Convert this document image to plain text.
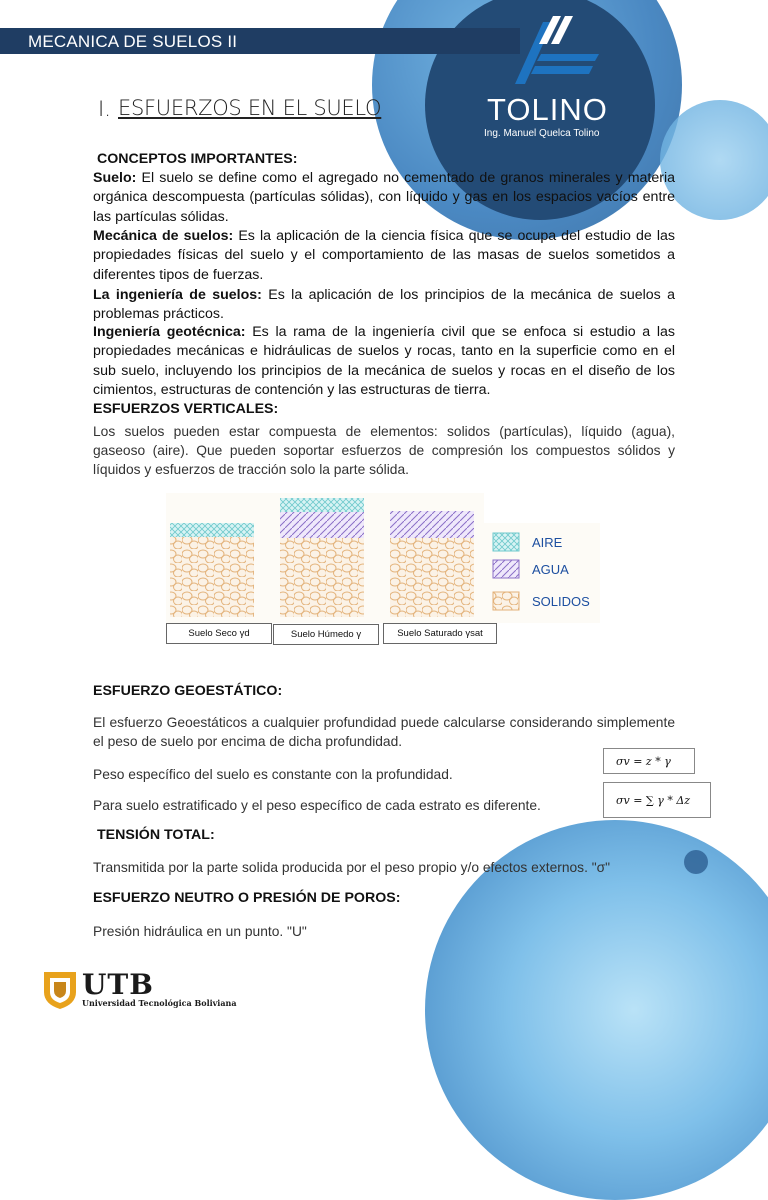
MECANICA DE SUELOS II
TOLINO
Ing. Manuel Quelca Tolino
I. ESFUERZOS EN EL SUELO
CONCEPTOS IMPORTANTES:
Suelo: El suelo se define como el agregado no cementado de granos minerales y materia orgánica descompuesta (partículas sólidas), con líquido y gas en los espacios vacíos entre las partículas sólidas.
Mecánica de suelos: Es la aplicación de la ciencia física que se ocupa del estudio de las propiedades físicas del suelo y el comportamiento de las masas de suelos sometidos a diferentes tipos de fuerzas.
La ingeniería de suelos: Es la aplicación de los principios de la mecánica de suelos a problemas prácticos.
Ingeniería geotécnica: Es la rama de la ingeniería civil que se enfoca si estudio a las propiedades mecánicas e hidráulicas de suelos y rocas, tanto en la superficie como en el sub suelo, incluyendo los principios de la mecánica de suelos y rocas en el diseño de los cimientos, estructuras de contención y las estructuras de tierra.
ESFUERZOS VERTICALES:
Los suelos pueden estar compuesta de elementos: solidos (partículas), líquido (agua), gaseoso (aire). Que pueden soportar esfuerzos de compresión los compuestos sólidos y líquidos y esfuerzos de tracción solo la parte sólida.
AIRE
AGUA
SOLIDOS
Suelo Seco γd	Suelo Húmedo γ	Suelo Saturado γsat
ESFUERZO GEOESTÁTICO:
El esfuerzo Geoestáticos a cualquier profundidad puede calcularse considerando simplemente el peso de suelo por encima de dicha profundidad.
Peso específico del suelo es constante con la profundidad.
Para suelo estratificado y el peso específico de cada estrato es diferente.
σv = z * γ
σv = ∑ γ * Δz
TENSIÓN TOTAL:
Transmitida por la parte solida producida por el peso propio y/o efectos externos. "σ"
ESFUERZO NEUTRO O PRESIÓN DE POROS:
Presión hidráulica en un punto. "U"
UTB
Universidad Tecnológica Boliviana
